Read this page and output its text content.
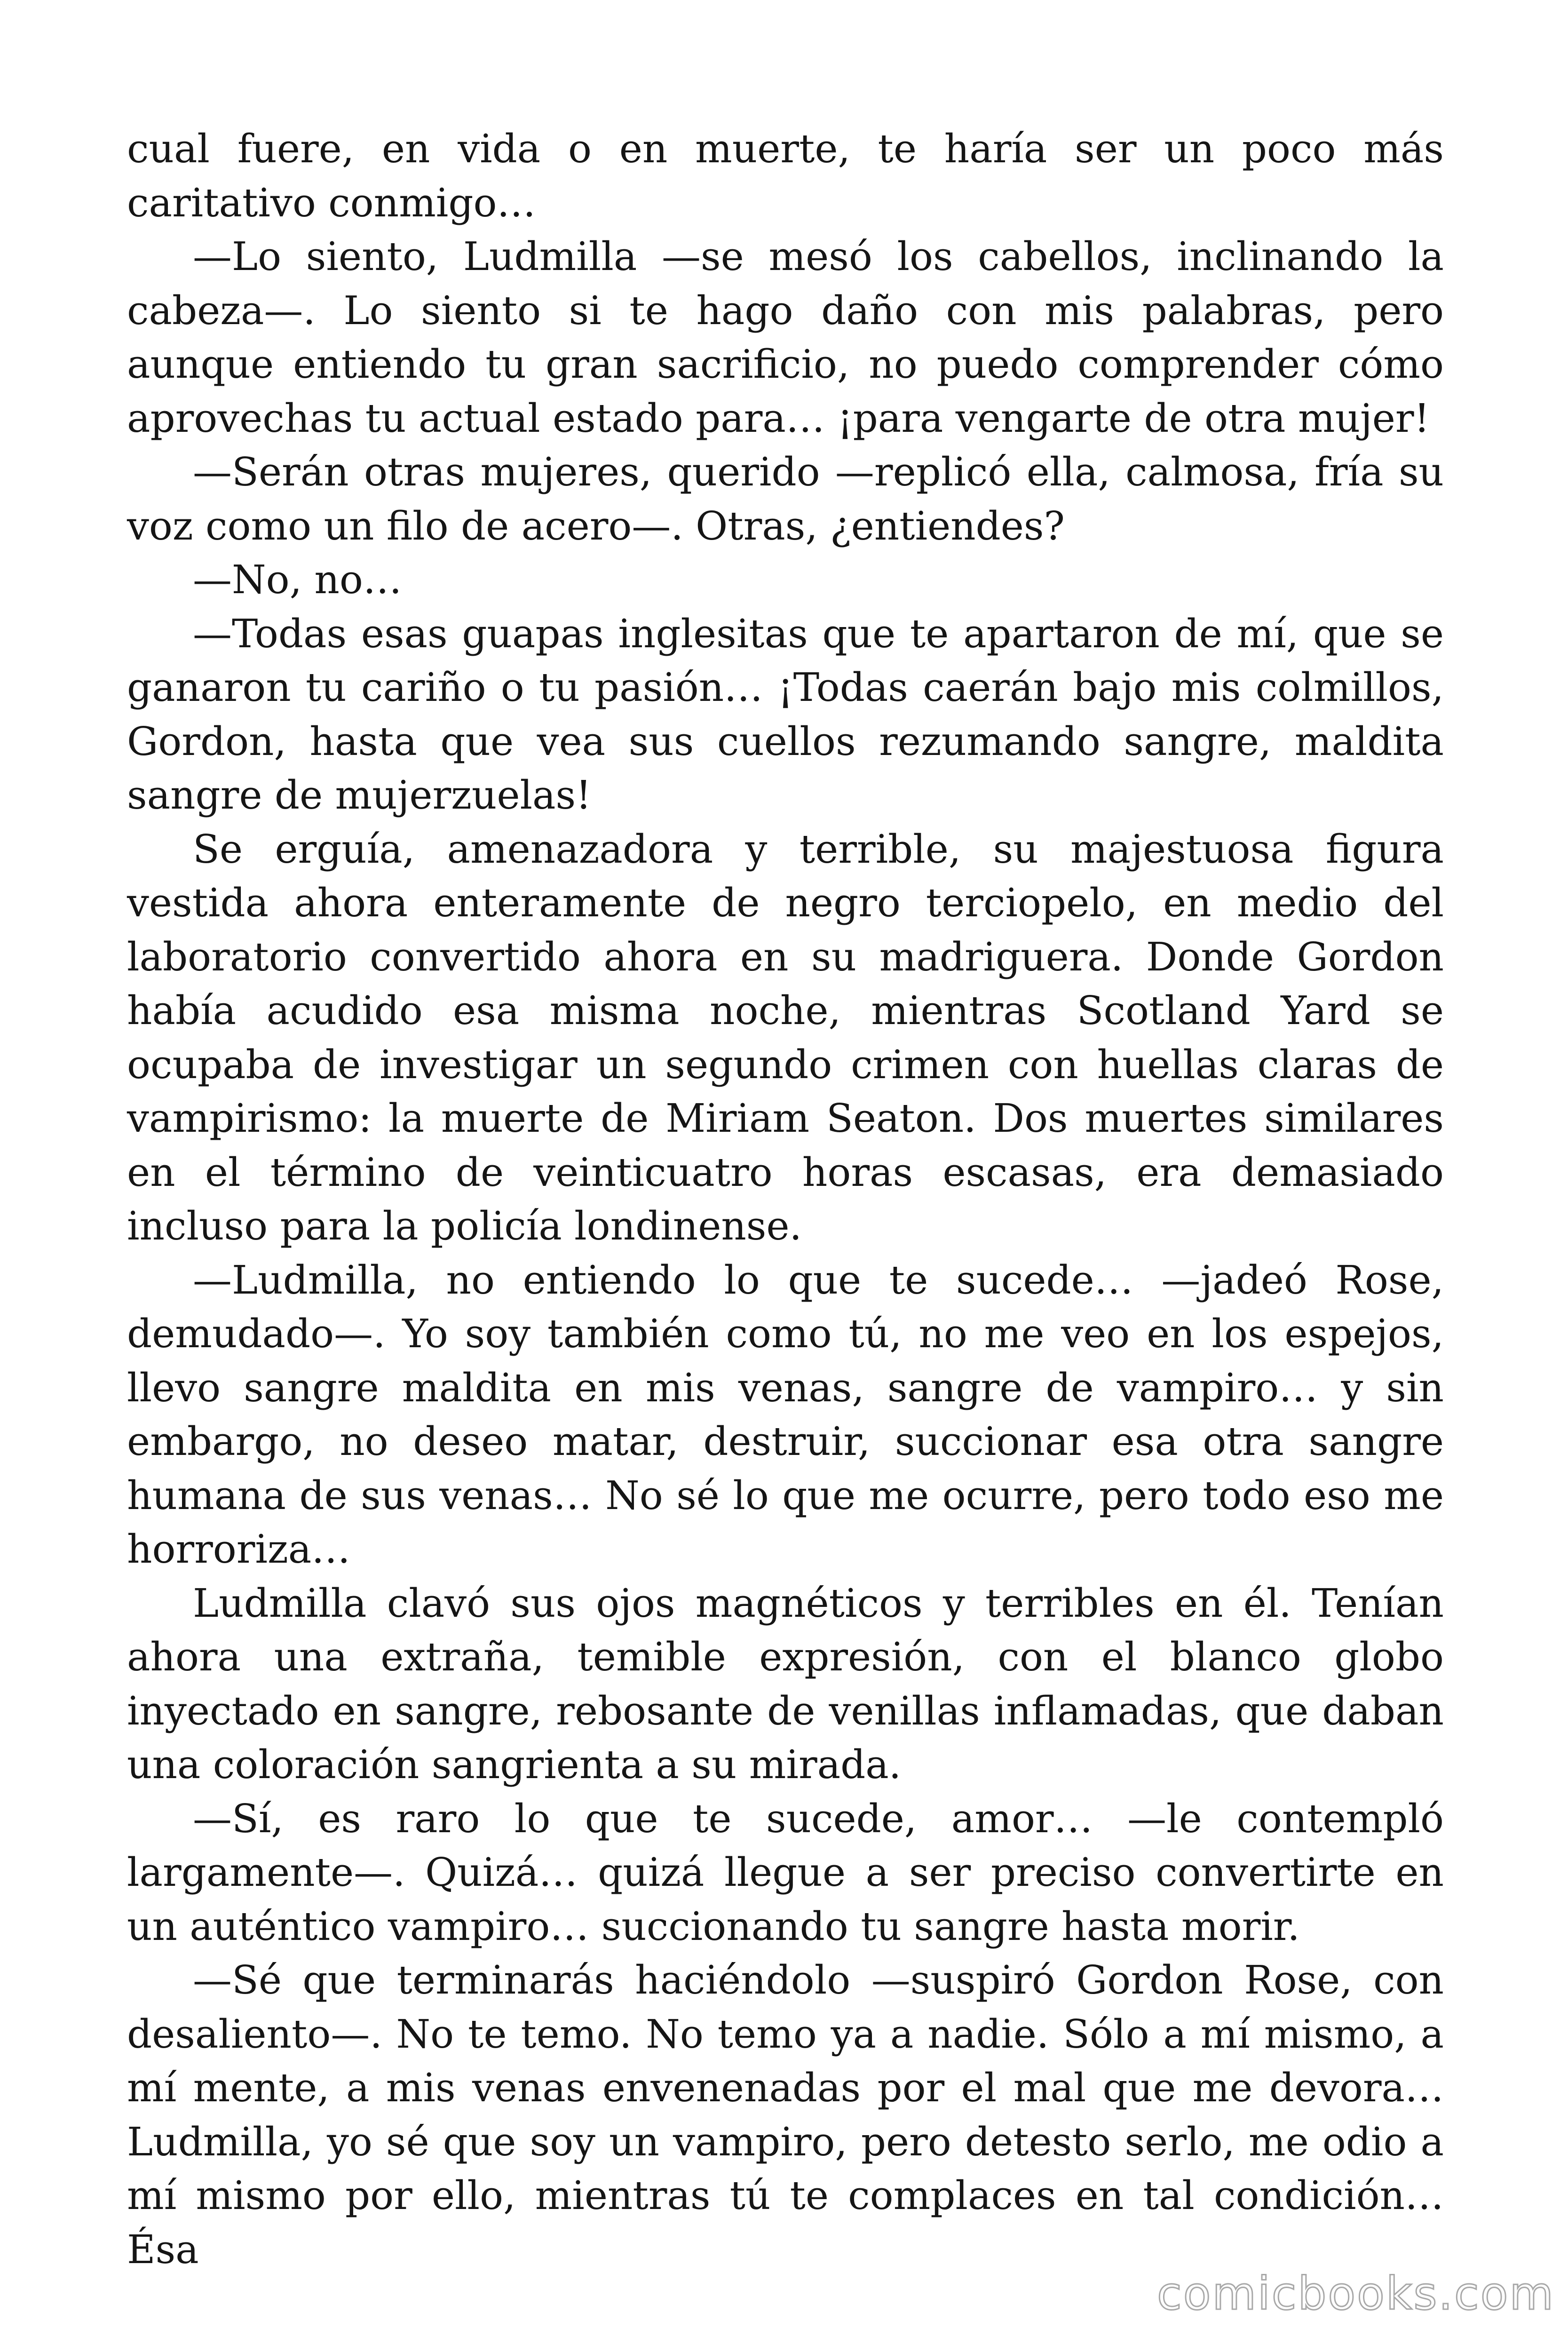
cual fuere, en vida o en muerte, te haría ser un poco más caritativo conmigo…

—Lo siento, Ludmilla —se mesó los cabellos, inclinando la cabeza—. Lo siento si te hago daño con mis palabras, pero aunque entiendo tu gran sacrificio, no puedo comprender cómo aprovechas tu actual estado para… ¡para vengarte de otra mujer!

—Serán otras mujeres, querido —replicó ella, calmosa, fría su voz como un filo de acero—. Otras, ¿entiendes?

—No, no…

—Todas esas guapas inglesitas que te apartaron de mí, que se ganaron tu cariño o tu pasión… ¡Todas caerán bajo mis colmillos, Gordon, hasta que vea sus cuellos rezumando sangre, maldita sangre de mujerzuelas!

Se erguía, amenazadora y terrible, su majestuosa figura vestida ahora enteramente de negro terciopelo, en medio del laboratorio convertido ahora en su madriguera. Donde Gordon había acudido esa misma noche, mientras Scotland Yard se ocupaba de investigar un segundo crimen con huellas claras de vampirismo: la muerte de Miriam Seaton. Dos muertes similares en el término de veinticuatro horas escasas, era demasiado incluso para la policía londinense.

—Ludmilla, no entiendo lo que te sucede… —jadeó Rose, demudado—. Yo soy también como tú, no me veo en los espejos, llevo sangre maldita en mis venas, sangre de vampiro… y sin embargo, no deseo matar, destruir, succionar esa otra sangre humana de sus venas… No sé lo que me ocurre, pero todo eso me horroriza…

Ludmilla clavó sus ojos magnéticos y terribles en él. Tenían ahora una extraña, temible expresión, con el blanco globo inyectado en sangre, rebosante de venillas inflamadas, que daban una coloración sangrienta a su mirada.

—Sí, es raro lo que te sucede, amor… —le contempló largamente—. Quizá… quizá llegue a ser preciso convertirte en un auténtico vampiro… succionando tu sangre hasta morir.

—Sé que terminarás haciéndolo —suspiró Gordon Rose, con desaliento—. No te temo. No temo ya a nadie. Sólo a mí mismo, a mí mente, a mis venas envenenadas por el mal que me devora… Ludmilla, yo sé que soy un vampiro, pero detesto serlo, me odio a mí mismo por ello, mientras tú te complaces en tal condición… Ésa

comicbooks.com
